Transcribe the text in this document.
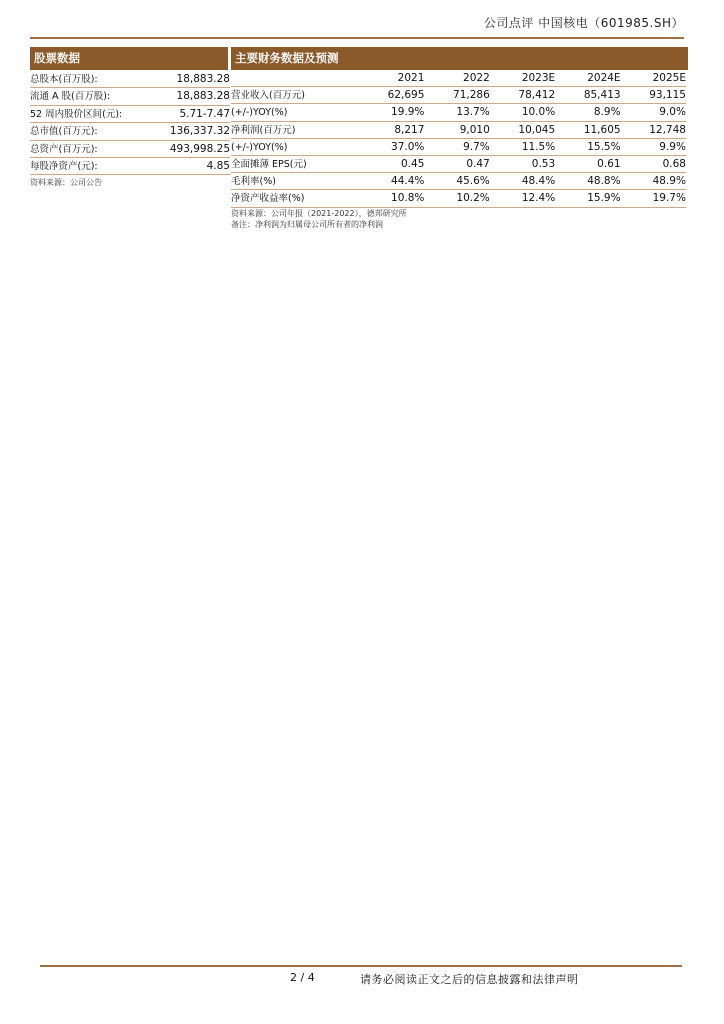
公司点评 中国核电（601985.SH）
股票数据	主要财务数据及预测
总股本(百万股):	18,883.28
流通 A 股(百万股):	18,883.28
52 周内股价区间(元):	5.71-7.47
总市值(百万元):	136,337.32
总资产(百万元):	493,998.25
每股净资产(元):	4.85
资料来源：公司公告
2021	2022	2023E	2024E	2025E
营业收入(百万元)	62,695	71,286	78,412	85,413	93,115
(+/-)YOY(%)	19.9%	13.7%	10.0%	8.9%	9.0%
净利润(百万元)	8,217	9,010	10,045	11,605	12,748
(+/-)YOY(%)	37.0%	9.7%	11.5%	15.5%	9.9%
全面摊薄 EPS(元)	0.45	0.47	0.53	0.61	0.68
毛利率(%)	44.4%	45.6%	48.4%	48.8%	48.9%
净资产收益率(%)	10.8%	10.2%	12.4%	15.9%	19.7%
资料来源：公司年报（2021-2022），德邦研究所
备注：净利润为归属母公司所有者的净利润
2 / 4	请务必阅读正文之后的信息披露和法律声明
